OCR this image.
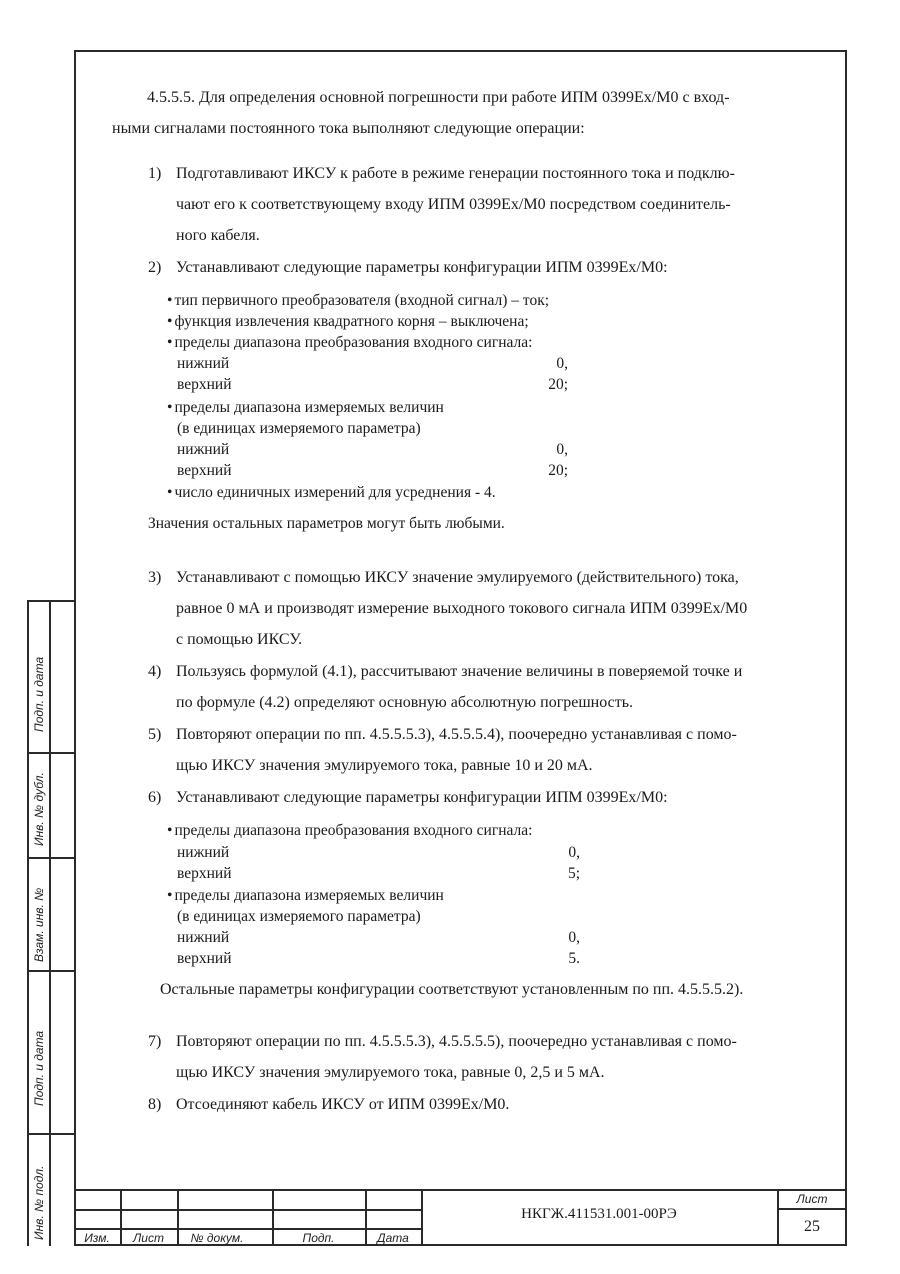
4.5.5.5. Для определения основной погрешности при работе ИПМ 0399Ex/M0 с вход-
ными сигналами постоянного тока выполняют следующие операции:
1) Подготавливают ИКСУ к работе в режиме генерации постоянного тока и подклю-
чают его к соответствующему входу ИПМ 0399Ex/M0 посредством соединитель-
ного кабеля.
2) Устанавливают следующие параметры конфигурации ИПМ 0399Ex/M0:
• тип первичного преобразователя (входной сигнал) – ток;
• функция извлечения квадратного корня – выключена;
• пределы диапазона преобразования входного сигнала:
нижний	0,
верхний	20;
• пределы диапазона измеряемых величин
(в единицах измеряемого параметра)
нижний	0,
верхний	20;
• число единичных измерений для усреднения - 4.
Значения остальных параметров могут быть любыми.
3) Устанавливают с помощью ИКСУ значение эмулируемого (действительного) тока,
равное 0 мА и производят измерение выходного токового сигнала ИПМ 0399Ex/M0
с помощью ИКСУ.
4) Пользуясь формулой (4.1), рассчитывают значение величины в поверяемой точке и
по формуле (4.2) определяют основную абсолютную погрешность.
5) Повторяют операции по пп. 4.5.5.5.3), 4.5.5.5.4), поочередно устанавливая с помо-
щью ИКСУ значения эмулируемого тока, равные 10 и 20 мА.
6) Устанавливают следующие параметры конфигурации ИПМ 0399Ex/M0:
• пределы диапазона преобразования входного сигнала:
нижний	0,
верхний	5;
• пределы диапазона измеряемых величин
(в единицах измеряемого параметра)
нижний	0,
верхний	5.
Остальные параметры конфигурации соответствуют установленным по пп. 4.5.5.5.2).
7) Повторяют операции по пп. 4.5.5.5.3), 4.5.5.5.5), поочередно устанавливая с помо-
щью ИКСУ значения эмулируемого тока, равные 0, 2,5 и 5 мА.
8) Отсоединяют кабель ИКСУ от ИПМ 0399Ex/M0.
Подп. и дата
Инв. № дубл.
Взам. инв. №
Подп. и дата
Инв. № подл.	Изм.	Лист	№ докум.	Подп.	Дата
НКГЖ.411531.001-00РЭ
Лист
25
